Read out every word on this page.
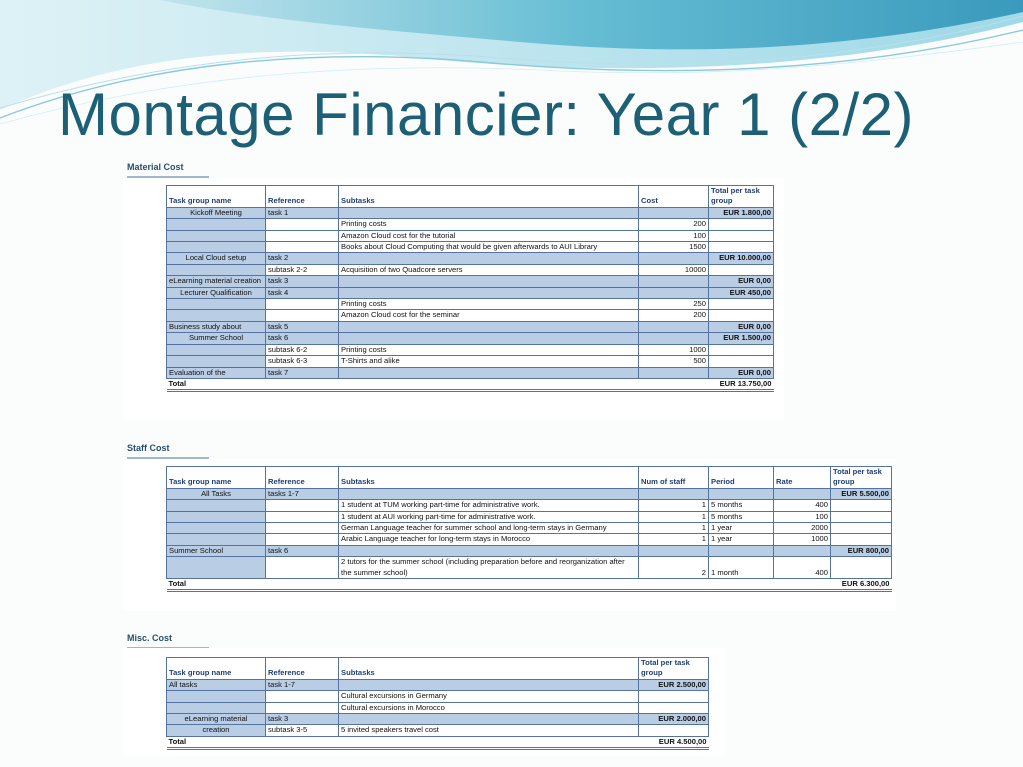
Montage Financier: Year 1 (2/2)
Material Cost
Task group name	Reference	Subtasks	Cost	Total per task group
Kickoff Meeting	task 1			EUR 1.800,00
		Printing costs	200	
		Amazon Cloud cost for the tutorial	100	
		Books about Cloud Computing that would be given afterwards to AUI Library	1500	
Local Cloud setup	task 2			EUR 10.000,00
	subtask 2-2	Acquisition of two Quadcore servers	10000	
eLearning material creation	task 3			EUR 0,00
Lecturer Qualification	task 4			EUR 450,00
		Printing costs	250	
		Amazon Cloud cost for the seminar	200	
Business study about	task 5			EUR 0,00
Summer School	task 6			EUR 1.500,00
	subtask 6-2	Printing costs	1000	
	subtask 6-3	T-Shirts and alike	500	
Evaluation of the	task 7			EUR 0,00
Total				EUR 13.750,00
Staff Cost
Task group name	Reference	Subtasks	Num of staff	Period	Rate	Total per task group
All Tasks	tasks 1-7					EUR 5.500,00
		1 student at TUM working part-time for administrative work.	1	5 months	400	
		1 student at AUI working part-time for administrative work.	1	5 months	100	
		German Language teacher for summer school and long-term stays in Germany	1	1 year	2000	
		Arabic Language teacher for long-term stays in Morocco	1	1 year	1000	
Summer School	task 6					EUR 800,00
		2 tutors for the summer school (including preparation before and reorganization after the summer school)	2	1 month	400	
Total						EUR 6.300,00
Misc. Cost
Task group name	Reference	Subtasks	Total per task group
All tasks	task 1-7		EUR 2.500,00
		Cultural excursions in Germany	
		Cultural excursions in Morocco	
eLearning material	task 3		EUR 2.000,00
creation	subtask 3-5	5 invited speakers travel cost	
Total			EUR 4.500,00
